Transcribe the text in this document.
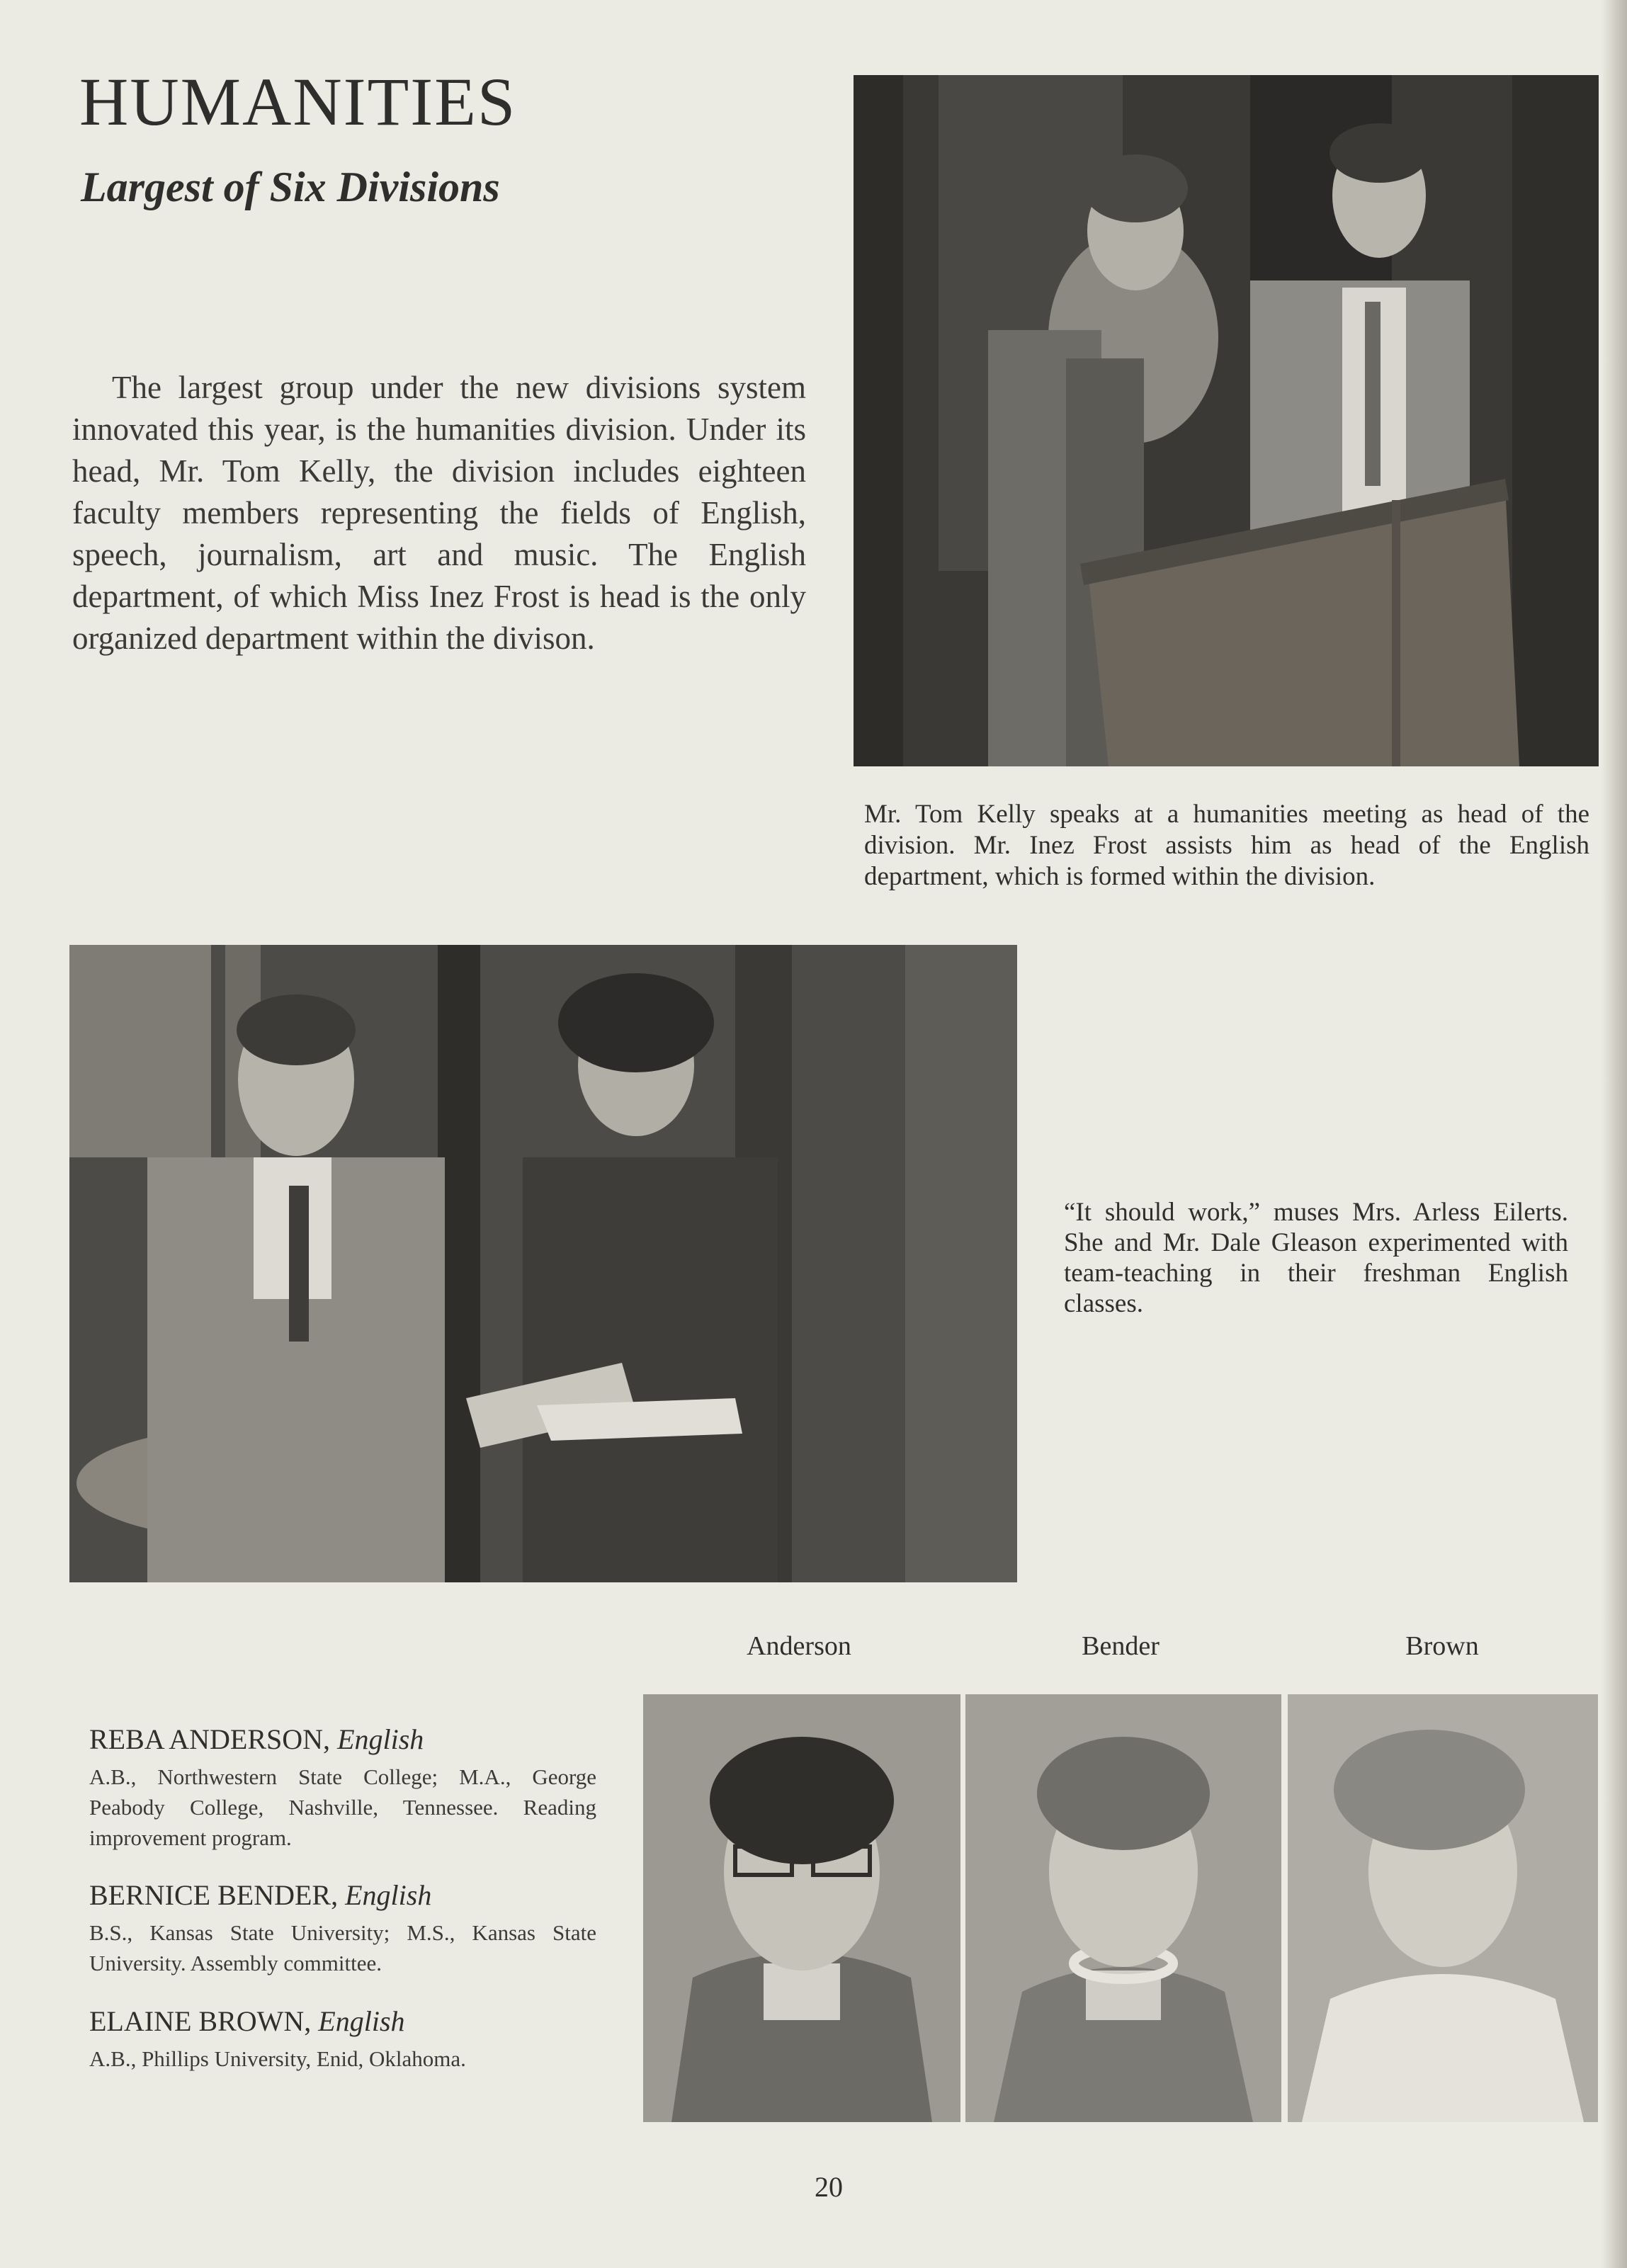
HUMANITIES
Largest of Six Divisions

The largest group under the new divisions system innovated this year, is the humanities division. Under its head, Mr. Tom Kelly, the division includes eighteen faculty members representing the fields of English, speech, journalism, art and music. The English department, of which Miss Inez Frost is head is the only organized department within the divison.

Mr. Tom Kelly speaks at a humanities meeting as head of the division. Mr. Inez Frost assists him as head of the English department, which is formed within the division.

“It should work,” muses Mrs. Arless Eilerts. She and Mr. Dale Gleason experimented with team-teaching in their freshman English classes.

Anderson	Bender	Brown

REBA ANDERSON, English

A.B., Northwestern State College; M.A., George Peabody College, Nashville, Tennessee. Reading improvement program.

BERNICE BENDER, English

B.S., Kansas State University; M.S., Kansas State University. Assembly committee.

ELAINE BROWN, English

A.B., Phillips University, Enid, Oklahoma.

20
